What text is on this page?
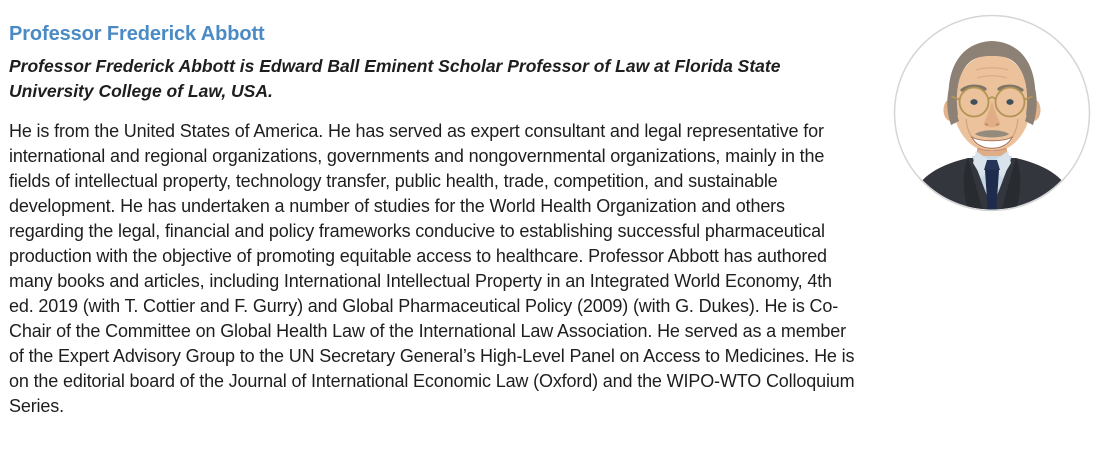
Professor Frederick Abbott

Professor Frederick Abbott is Edward Ball Eminent Scholar Professor of Law at Florida State University College of Law, USA.

He is from the United States of America. He has served as expert consultant and legal representative for international and regional organizations, governments and nongovernmental organizations, mainly in the fields of intellectual property, technology transfer, public health, trade, competition, and sustainable development. He has undertaken a number of studies for the World Health Organization and others regarding the legal, financial and policy frameworks conducive to establishing successful pharmaceutical production with the objective of promoting equitable access to healthcare. Professor Abbott has authored many books and articles, including International Intellectual Property in an Integrated World Economy, 4th ed. 2019 (with T. Cottier and F. Gurry) and Global Pharmaceutical Policy (2009) (with G. Dukes). He is Co-Chair of the Committee on Global Health Law of the International Law Association. He served as a member of the Expert Advisory Group to the UN Secretary General’s High-Level Panel on Access to Medicines. He is on the editorial board of the Journal of International Economic Law (Oxford) and the WIPO-WTO Colloquium Series.
